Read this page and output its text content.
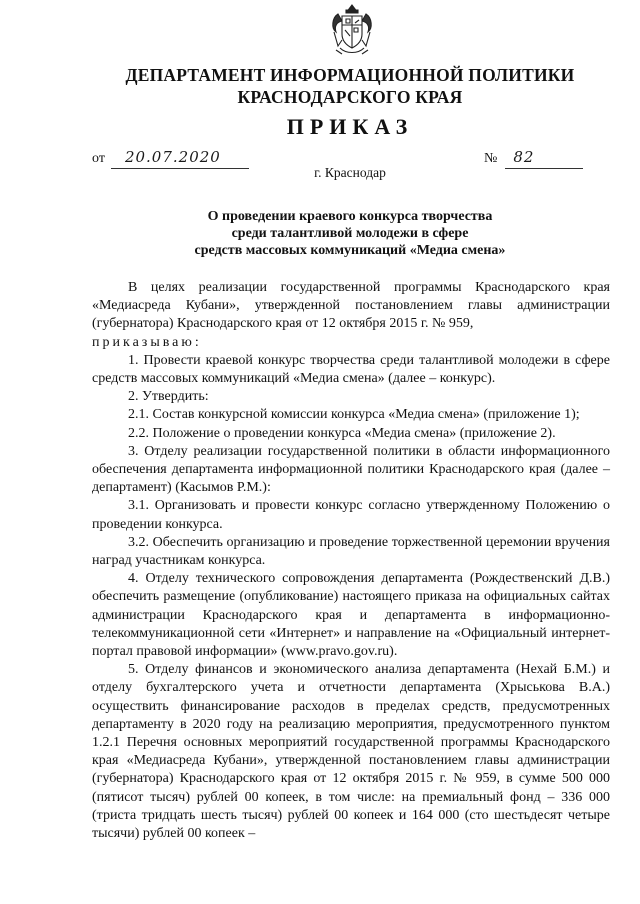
ДЕПАРТАМЕНТ ИНФОРМАЦИОННОЙ ПОЛИТИКИ
КРАСНОДАРСКОГО КРАЯ
ПРИКАЗ
от 20.07.2020	№ 82
г. Краснодар
О проведении краевого конкурса творчества
среди талантливой молодежи в сфере
средств массовых коммуникаций «Медиа смена»

В целях реализации государственной программы Краснодарского края «Медиасреда Кубани», утвержденной постановлением главы администрации (губернатора) Краснодарского края от 12 октября 2015 г. № 959,

приказываю:

1. Провести краевой конкурс творчества среди талантливой молодежи в сфере средств массовых коммуникаций «Медиа смена» (далее – конкурс).

2. Утвердить:

2.1. Состав конкурсной комиссии конкурса «Медиа смена» (приложение 1);

2.2. Положение о проведении конкурса «Медиа смена» (приложение 2).

3. Отделу реализации государственной политики в области информационного обеспечения департамента информационной политики Краснодарского края (далее – департамент) (Касымов Р.М.):

3.1. Организовать и провести конкурс согласно утвержденному Положению о проведении конкурса.

3.2. Обеспечить организацию и проведение торжественной церемонии вручения наград участникам конкурса.

4. Отделу технического сопровождения департамента (Рождественский Д.В.) обеспечить размещение (опубликование) настоящего приказа на официальных сайтах администрации Краснодарского края и департамента в информационно-телекоммуникационной сети «Интернет» и направление на «Официальный интернет-портал правовой информации» (www.pravo.gov.ru).

5. Отделу финансов и экономического анализа департамента (Нехай Б.М.) и отделу бухгалтерского учета и отчетности департамента (Хрыськова В.А.) осуществить финансирование расходов в пределах средств, предусмотренных департаменту в 2020 году на реализацию мероприятия, предусмотренного пунктом 1.2.1 Перечня основных мероприятий государственной программы Краснодарского края «Медиасреда Кубани», утвержденной постановлением главы администрации (губернатора) Краснодарского края от 12 октября 2015 г. № 959, в сумме 500 000 (пятисот тысяч) рублей 00 копеек, в том числе: на премиальный фонд – 336 000 (триста тридцать шесть тысяч) рублей 00 копеек и 164 000 (сто шестьдесят четыре тысячи) рублей 00 копеек –
